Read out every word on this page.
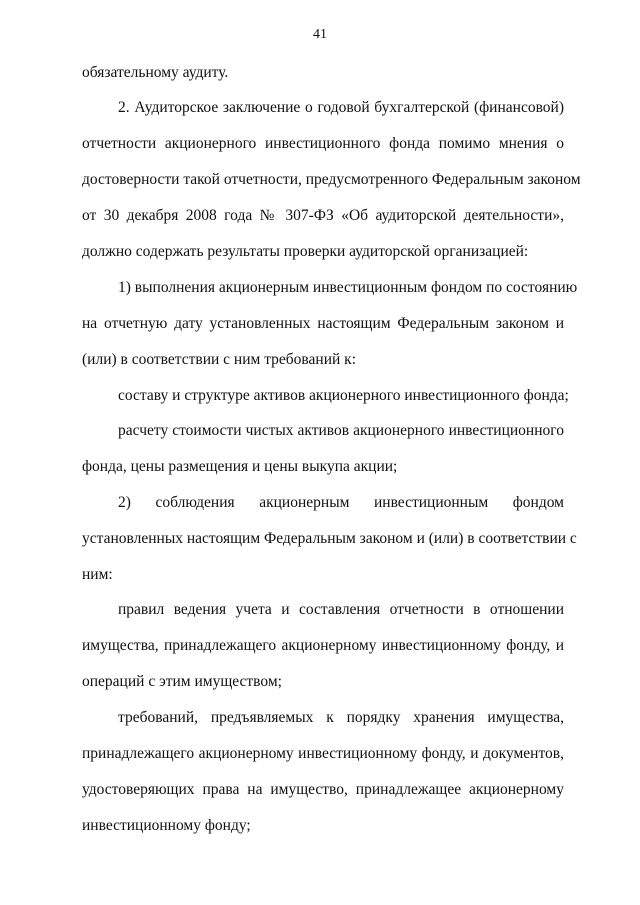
41
обязательному аудиту.
2. Аудиторское заключение о годовой бухгалтерской (финансовой)
отчетности акционерного инвестиционного фонда помимо мнения о
достоверности такой отчетности, предусмотренного Федеральным законом
от 30 декабря 2008 года № 307-ФЗ «Об аудиторской деятельности»,
должно содержать результаты проверки аудиторской организацией:
1) выполнения акционерным инвестиционным фондом по состоянию
на отчетную дату установленных настоящим Федеральным законом и
(или) в соответствии с ним требований к:
составу и структуре активов акционерного инвестиционного фонда;
расчету стоимости чистых активов акционерного инвестиционного
фонда, цены размещения и цены выкупа акции;
2) соблюдения акционерным инвестиционным фондом
установленных настоящим Федеральным законом и (или) в соответствии с
ним:
правил ведения учета и составления отчетности в отношении
имущества, принадлежащего акционерному инвестиционному фонду, и
операций с этим имуществом;
требований, предъявляемых к порядку хранения имущества,
принадлежащего акционерному инвестиционному фонду, и документов,
удостоверяющих права на имущество, принадлежащее акционерному
инвестиционному фонду;
